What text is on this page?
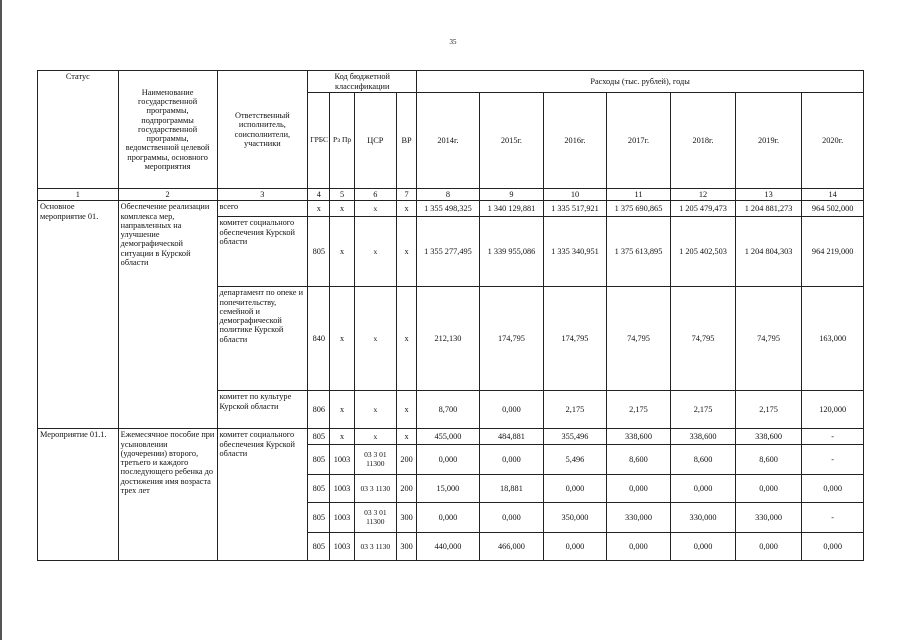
35
Статус	Наименование государственной программы, подпрограммы государственной программы, ведомственной целевой программы, основного мероприятия	Ответственный исполнитель, соисполнители, участники	Код бюджетной классификации				Расходы (тыс. рублей), годы						
			ГРБС	Рз Пр	ЦСР	ВР	2014г.	2015г.	2016г.	2017г.	2018г.	2019г.	2020г.
1	2	3	4	5	6	7	8	9	10	11	12	13	14
Основное мероприятие 01.	Обеспечение реализации комплекса мер, направленных на улучшение демографической ситуации в Курской области	всего	x	x	x	x	1 355 498,325	1 340 129,881	1 335 517,921	1 375 690,865	1 205 479,473	1 204 881,273	964 502,000
		комитет социального обеспечения Курской области	805	x	x	x	1 355 277,495	1 339 955,086	1 335 340,951	1 375 613,895	1 205 402,503	1 204 804,303	964 219,000
		департамент по опеке и попечительству, семейной и демографической политике Курской области	840	x	x	x	212,130	174,795	174,795	74,795	74,795	74,795	163,000
		комитет по культуре Курской области	806	x	x	x	8,700	0,000	2,175	2,175	2,175	2,175	120,000
Мероприятие 01.1.	Ежемесячное пособие при усыновлении (удочерении) второго, третьего и каждого последующего ребенка до достижения имя возраста трех лет	комитет социального обеспечения Курской области	805	x	x	x	455,000	484,881	355,496	338,600	338,600	338,600	-
			805	1003	03 3 01 11300	200	0,000	0,000	5,496	8,600	8,600	8,600	-
			805	1003	03 3 1130	200	15,000	18,881	0,000	0,000	0,000	0,000	0,000
			805	1003	03 3 01 11300	300	0,000	0,000	350,000	330,000	330,000	330,000	-
			805	1003	03 3 1130	300	440,000	466,000	0,000	0,000	0,000	0,000	0,000
